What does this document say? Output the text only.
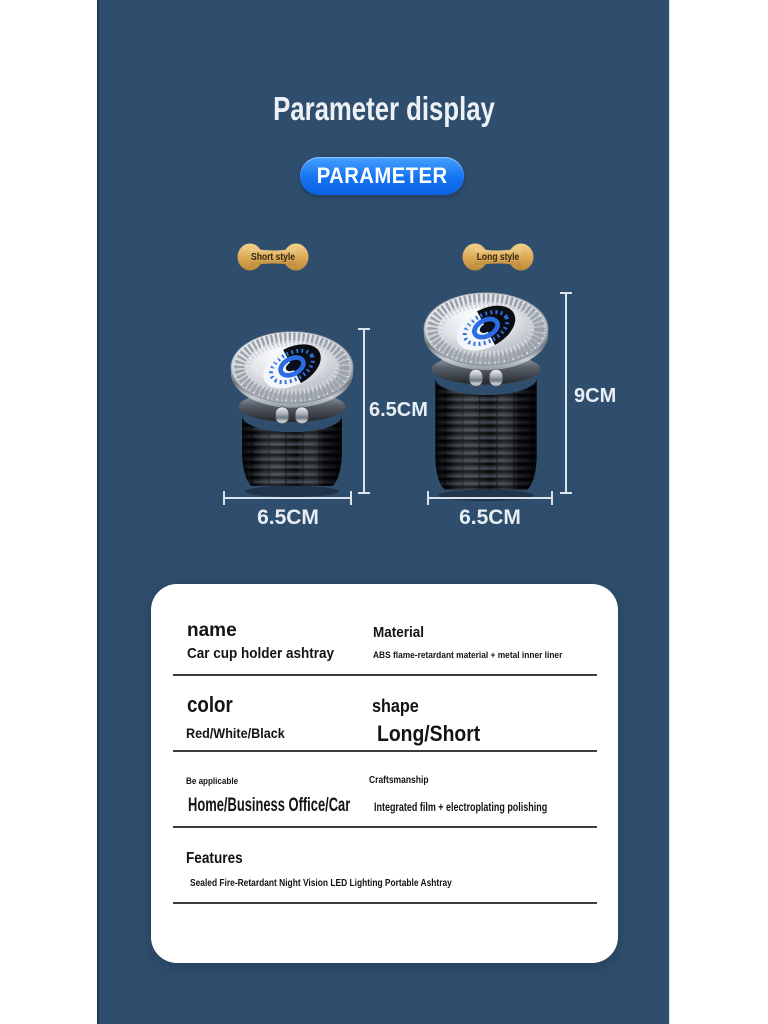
Parameter display
PARAMETER
Short style	Long style
6.5CM
9CM
6.5CM	6.5CM
name
Car cup holder ashtray
Material
ABS flame-retardant material + metal inner liner
color
Red/White/Black
shape
Long/Short
Be applicable
Home/Business Office/Car
Craftsmanship
Integrated film + electroplating polishing
Features
Sealed Fire-Retardant Night Vision LED Lighting Portable Ashtray
